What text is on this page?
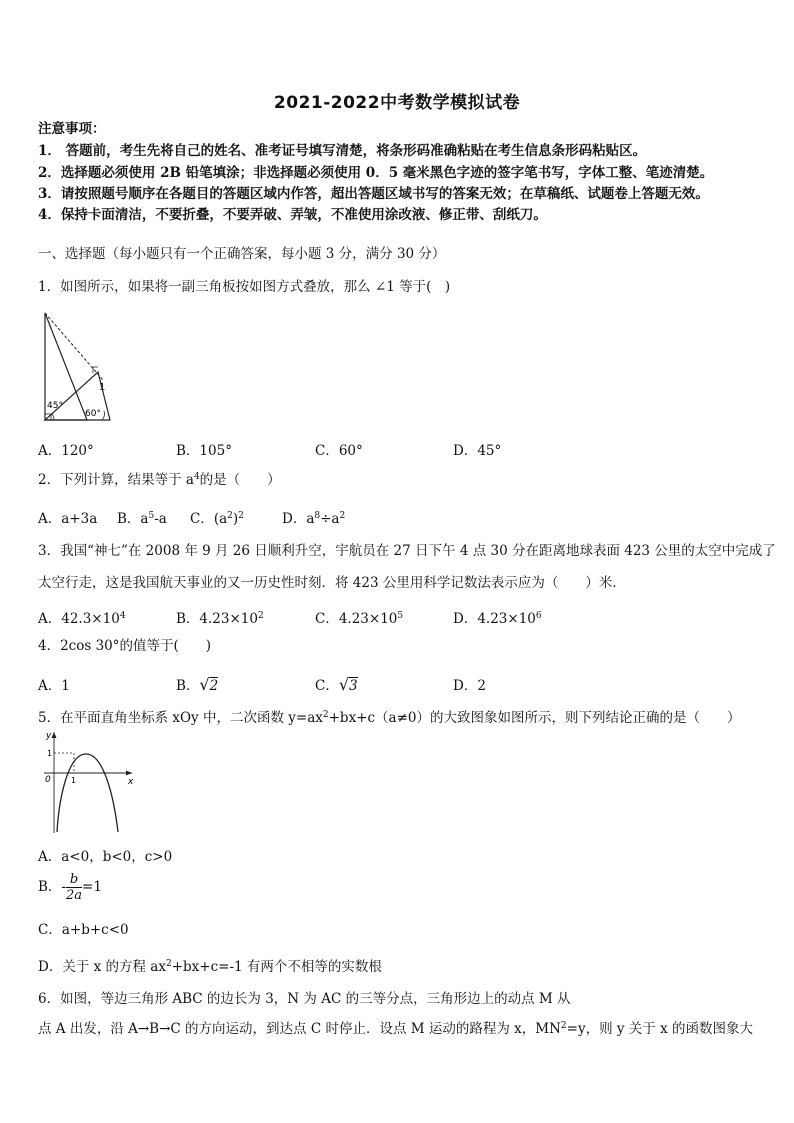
2021-2022中考数学模拟试卷
注意事项：
1． 答题前，考生先将自己的姓名、准考证号填写清楚，将条形码准确粘贴在考生信息条形码粘贴区。
2．选择题必须使用 2B 铅笔填涂；非选择题必须使用 0．5 毫米黑色字迹的签字笔书写，字体工整、笔迹清楚。
3．请按照题号顺序在各题目的答题区域内作答，超出答题区域书写的答案无效；在草稿纸、试题卷上答题无效。
4．保持卡面清洁，不要折叠，不要弄破、弄皱，不准使用涂改液、修正带、刮纸刀。
一、选择题（每小题只有一个正确答案，每小题 3 分，满分 30 分）
1．如图所示，如果将一副三角板按如图方式叠放，那么 ∠1 等于(　)
45°
60°
1
A．120°	B．105°	C．60°	D．45°
2．下列计算，结果等于 $a^4$的是（　　）
A．a+3a B．$a^5-a$ C．$(a^2)^2$	D．$a^8\div a^2$
3．我国“神七”在 2008 年 9 月 26 日顺利升空，宇航员在 27 日下午 4 点 30 分在距离地球表面 423 公里的太空中完成了
太空行走，这是我国航天事业的又一历史性时刻．将 423 公里用科学记数法表示应为（　　）米．
A．$42.3\times 10^4$	B．$4.23\times 10^2$	C．$4.23\times 10^5$	D．$4.23\times 10^6$
4．2cos 30°的值等于(　　)
A．1	B．√2	C．√3	D．2
5．在平面直角坐标系 xOy 中，二次函数 $y=ax^2+bx+c(a\ne 0)$的大致图象如图所示，则下列结论正确的是（　　）
y
x
0	1
1
A．a<0，b<0，c>0
B．- $\frac{b}{2a} =1$
C．a+b+c<0
D．关于 x 的方程 $ax^2+bx+c=-1$ 有两个不相等的实数根
6．如图，等边三角形 ABC 的边长为 3，N 为 AC 的三等分点，三角形边上的动点 M 从
点 A 出发，沿 A→B→C 的方向运动，到达点 C 时停止．设点 M 运动的路程为 x，$MN^2=y$，则 y 关于 x 的函数图象大
